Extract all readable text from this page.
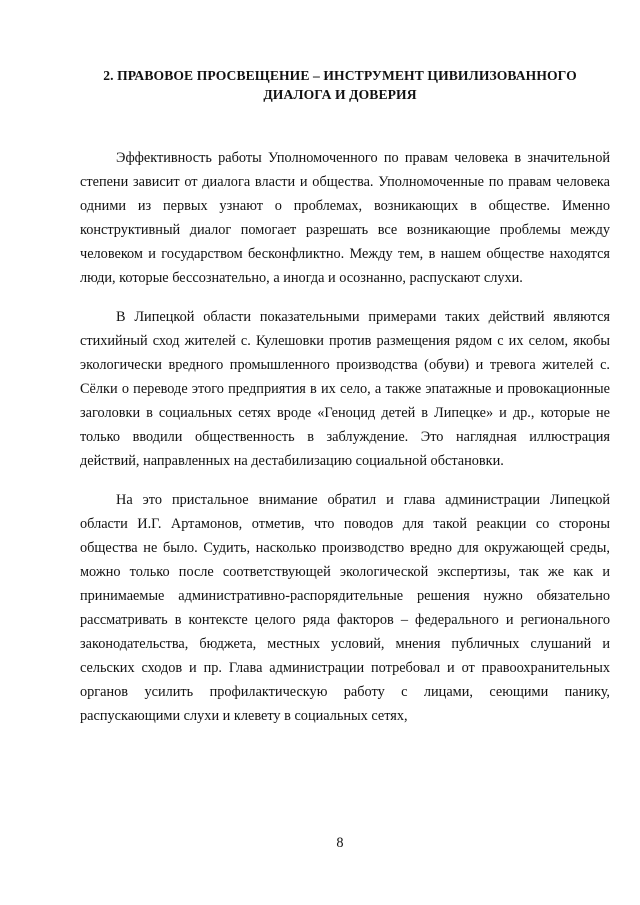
2. ПРАВОВОЕ ПРОСВЕЩЕНИЕ – ИНСТРУМЕНТ ЦИВИЛИЗОВАННОГО
ДИАЛОГА И ДОВЕРИЯ

Эффективность работы Уполномоченного по правам человека в значительной степени зависит от диалога власти и общества. Уполномоченные по правам человека одними из первых узнают о проблемах, возникающих в обществе. Именно конструктивный диалог помогает разрешать все возникающие проблемы между человеком и государством бесконфликтно. Между тем, в нашем обществе находятся люди, которые бессознательно, а иногда и осознанно, распускают слухи.

В Липецкой области показательными примерами таких действий являются стихийный сход жителей с. Кулешовки против размещения рядом с их селом, якобы экологически вредного промышленного производства (обуви) и тревога жителей с. Сёлки о переводе этого предприятия в их село, а также эпатажные и провокационные заголовки в социальных сетях вроде «Геноцид детей в Липецке» и др., которые не только вводили общественность в заблуждение. Это наглядная иллюстрация действий, направленных на дестабилизацию социальной обстановки.

На это пристальное внимание обратил и глава администрации Липецкой области И.Г. Артамонов, отметив, что поводов для такой реакции со стороны общества не было. Судить, насколько производство вредно для окружающей среды, можно только после соответствующей экологической экспертизы, так же как и принимаемые административно-распорядительные решения нужно обязательно рассматривать в контексте целого ряда факторов – федерального и регионального законодательства, бюджета, местных условий, мнения публичных слушаний и сельских сходов и пр. Глава администрации потребовал и от правоохранительных органов усилить профилактическую работу с лицами, сеющими панику, распускающими слухи и клевету в социальных сетях,

8
